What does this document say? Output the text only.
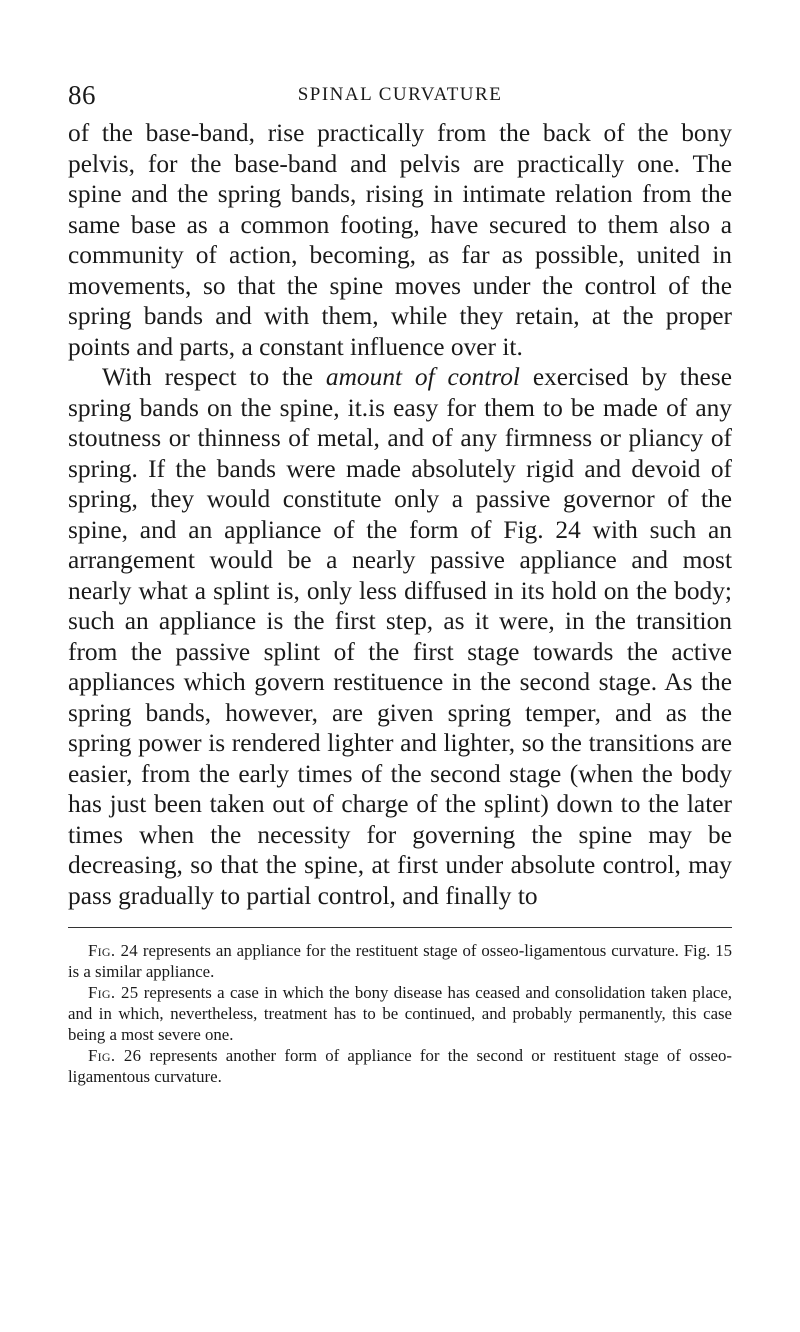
86	SPINAL CURVATURE

of the base-band, rise practically from the back of the bony pelvis, for the base-band and pelvis are practically one. The spine and the spring bands, rising in intimate relation from the same base as a common footing, have secured to them also a community of action, becoming, as far as possible, united in movements, so that the spine moves under the control of the spring bands and with them, while they retain, at the proper points and parts, a constant influence over it.

With respect to the amount of control exercised by these spring bands on the spine, it.is easy for them to be made of any stoutness or thinness of metal, and of any firmness or pliancy of spring. If the bands were made absolutely rigid and devoid of spring, they would constitute only a passive governor of the spine, and an appliance of the form of Fig. 24 with such an arrangement would be a nearly passive appliance and most nearly what a splint is, only less diffused in its hold on the body; such an appliance is the first step, as it were, in the transition from the passive splint of the first stage towards the active appliances which govern restituence in the second stage. As the spring bands, however, are given spring temper, and as the spring power is rendered lighter and lighter, so the transitions are easier, from the early times of the second stage (when the body has just been taken out of charge of the splint) down to the later times when the necessity for governing the spine may be decreasing, so that the spine, at first under absolute control, may pass gradually to partial control, and finally to

Fig. 24 represents an appliance for the restituent stage of osseo-ligamentous curvature. Fig. 15 is a similar appliance.

Fig. 25 represents a case in which the bony disease has ceased and consolidation taken place, and in which, nevertheless, treatment has to be continued, and probably permanently, this case being a most severe one.

Fig. 26 represents another form of appliance for the second or restituent stage of osseo-ligamentous curvature.
